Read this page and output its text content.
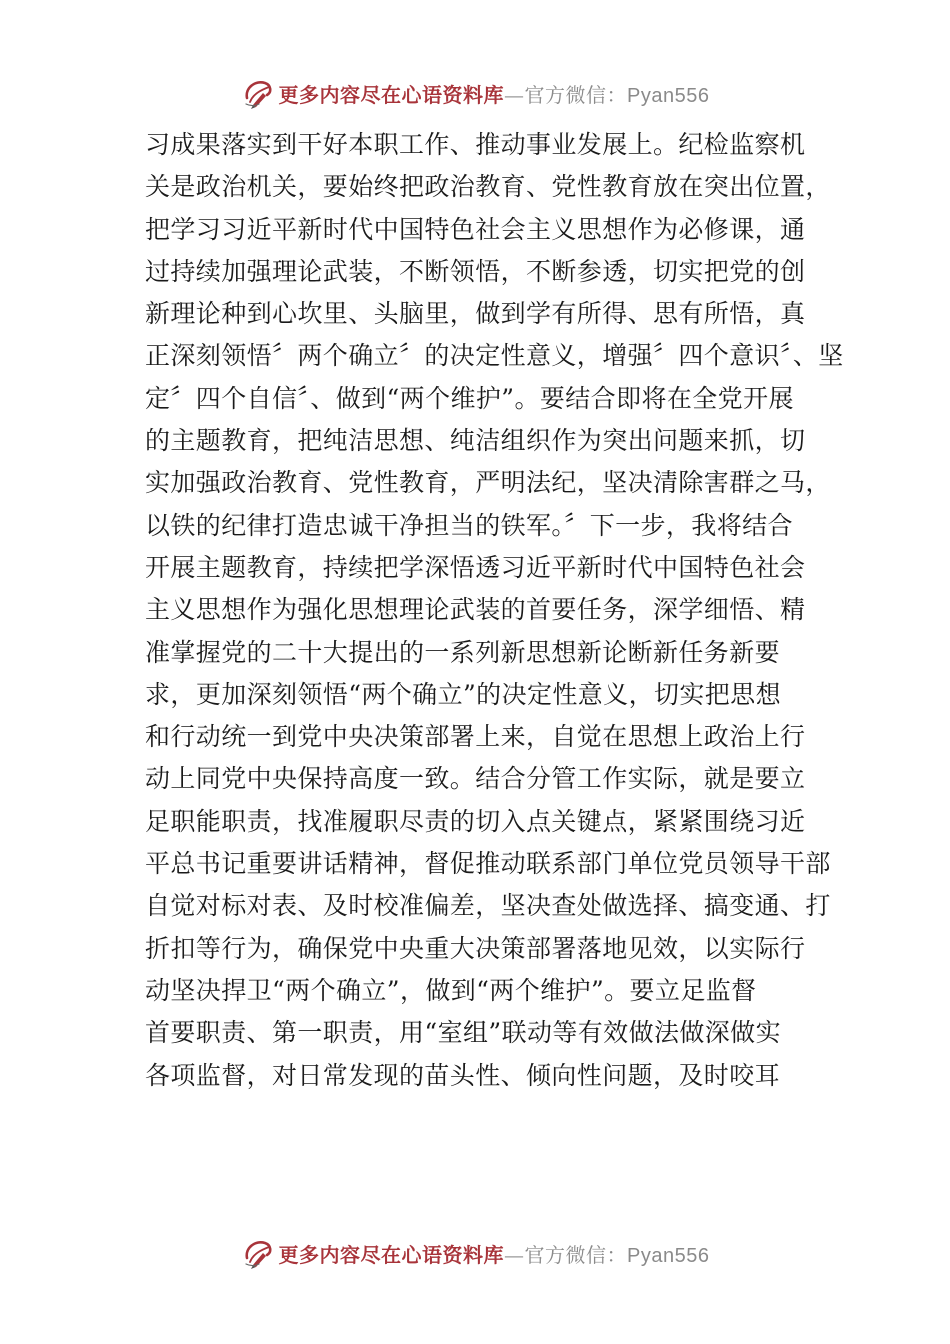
更多内容尽在心语资料库—官方微信：Pyan556
习成果落实到干好本职工作、推动事业发展上。纪检监察机
关是政治机关，要始终把政治教育、党性教育放在突出位置，
把学习习近平新时代中国特色社会主义思想作为必修课，通
过持续加强理论武装，不断领悟，不断参透，切实把党的创
新理论种到心坎里、头脑里，做到学有所得、思有所悟，真
正深刻领悟〞两个确立〞的决定性意义，增强〞四个意识〞、坚
定〞四个自信〞、做到“两个维护”。要结合即将在全党开展
的主题教育，把纯洁思想、纯洁组织作为突出问题来抓，切
实加强政治教育、党性教育，严明法纪，坚决清除害群之马，
以铁的纪律打造忠诚干净担当的铁军。〞下一步，我将结合
开展主题教育，持续把学深悟透习近平新时代中国特色社会
主义思想作为强化思想理论武装的首要任务，深学细悟、精
准掌握党的二十大提出的一系列新思想新论断新任务新要
求，更加深刻领悟“两个确立”的决定性意义，切实把思想
和行动统一到党中央决策部署上来，自觉在思想上政治上行
动上同党中央保持高度一致。结合分管工作实际，就是要立
足职能职责，找准履职尽责的切入点关键点，紧紧围绕习近
平总书记重要讲话精神，督促推动联系部门单位党员领导干部
自觉对标对表、及时校准偏差，坚决查处做选择、搞变通、打
折扣等行为，确保党中央重大决策部署落地见效，以实际行
动坚决捍卫“两个确立”，做到“两个维护”。要立足监督
首要职责、第一职责，用“室组”联动等有效做法做深做实
各项监督，对日常发现的苗头性、倾向性问题，及时咬耳
更多内容尽在心语资料库—官方微信：Pyan556
